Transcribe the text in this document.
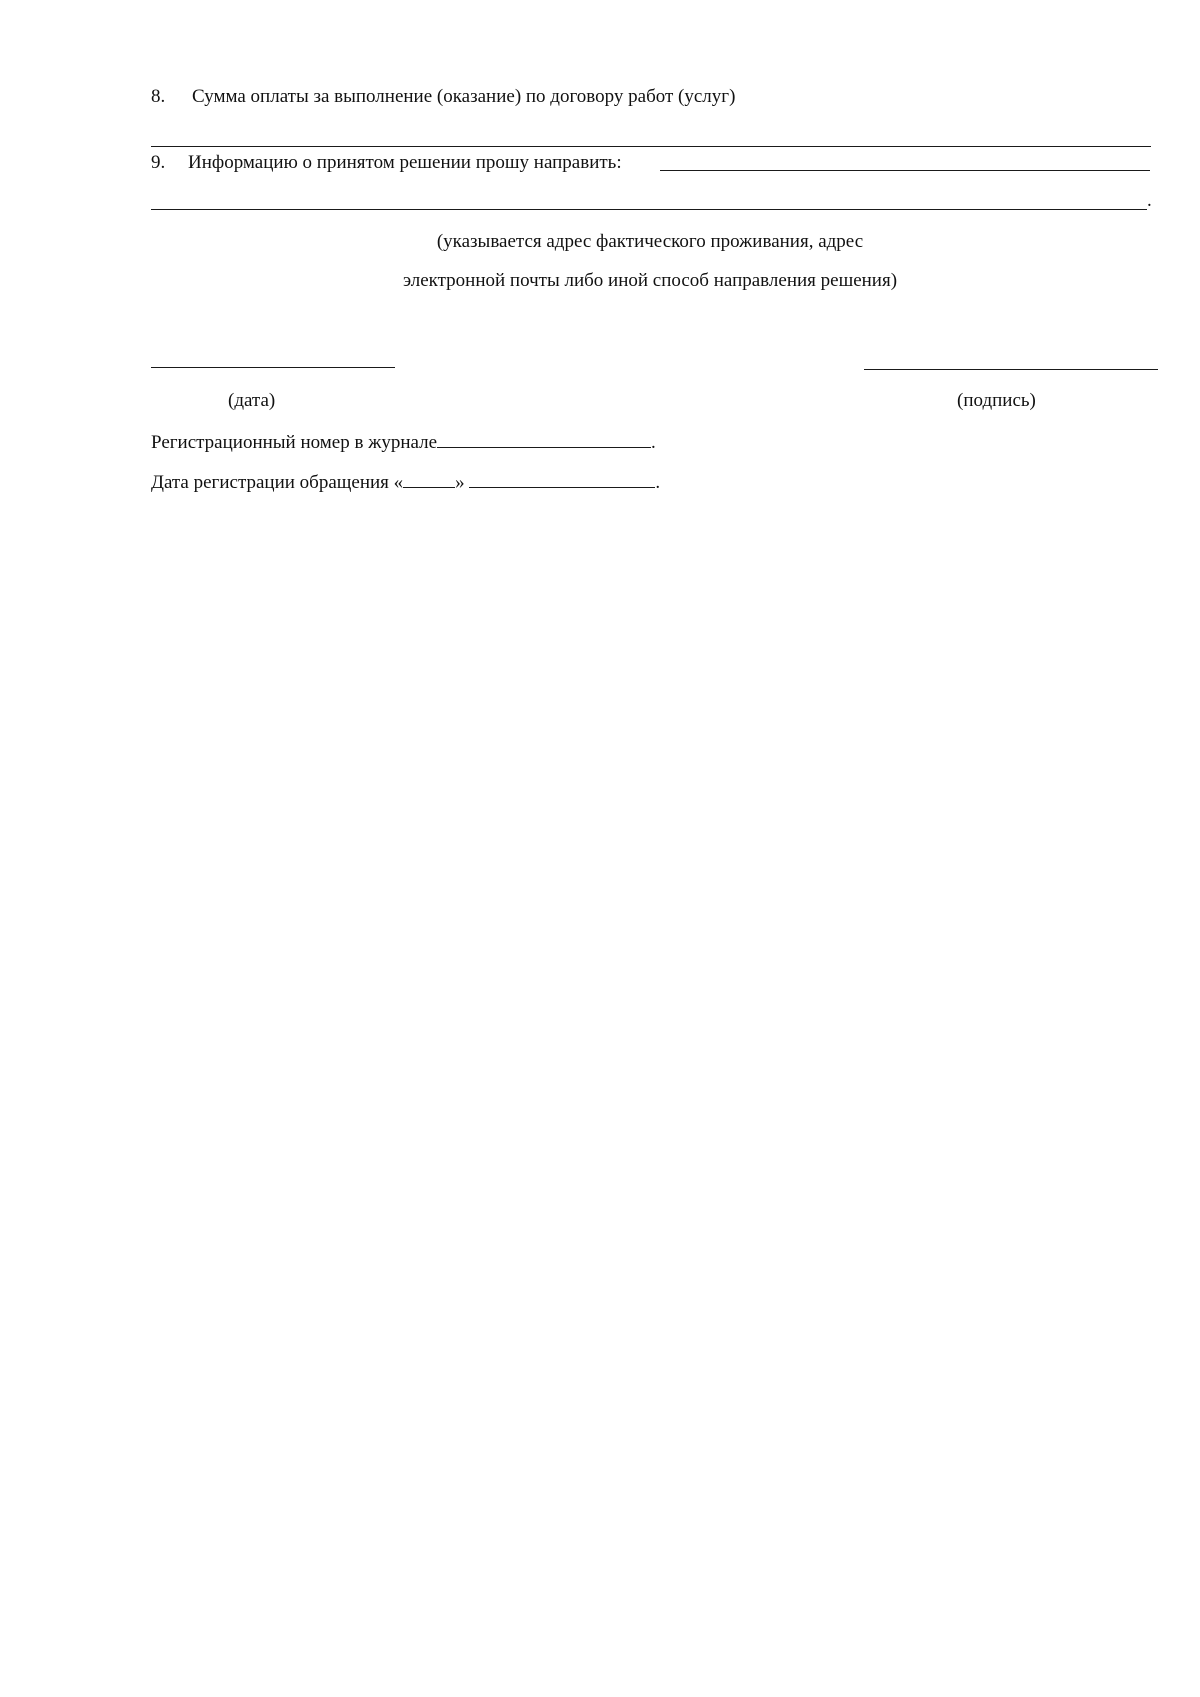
8. Сумма оплаты за выполнение (оказание) по договору работ (услуг)
9. Информацию о принятом решении прошу направить:
.
(указывается адрес фактического проживания, адрес
электронной почты либо иной способ направления решения)
(дата)	(подпись)
Регистрационный номер в журнале	.
Дата регистрации обращения «	»	.
